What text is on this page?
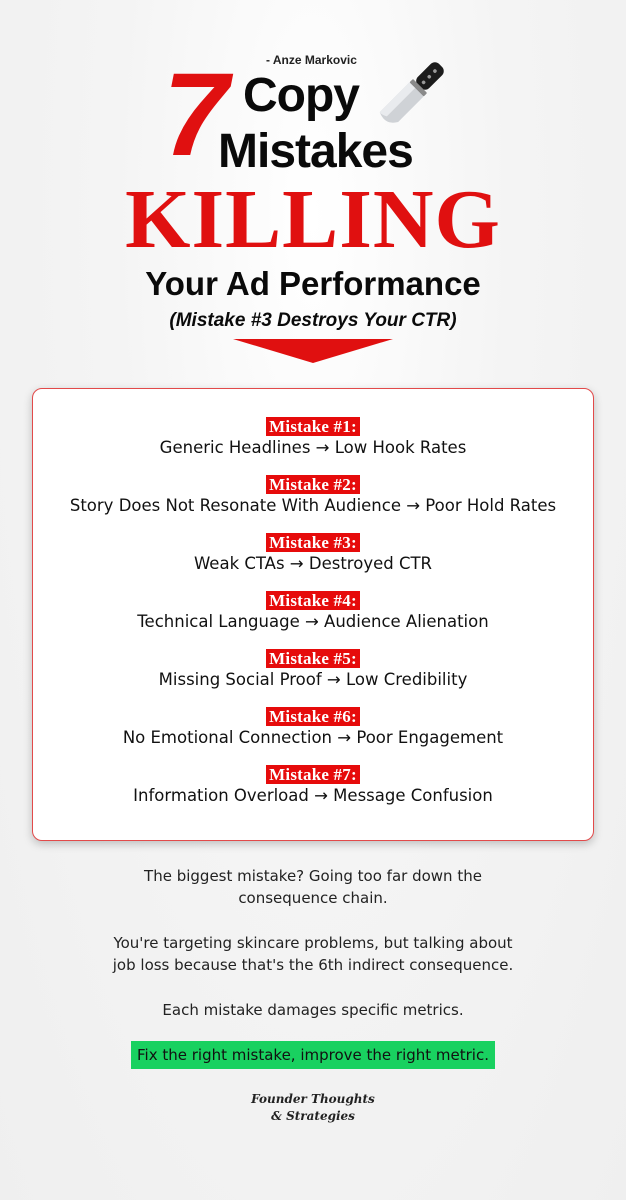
- Anze Markovic
7 Copy
Mistakes
KILLING
Your Ad Performance
(Mistake #3 Destroys Your CTR)
Mistake #1:
Generic Headlines → Low Hook Rates
Mistake #2:
Story Does Not Resonate With Audience → Poor Hold Rates
Mistake #3:
Weak CTAs → Destroyed CTR
Mistake #4:
Technical Language → Audience Alienation
Mistake #5:
Missing Social Proof → Low Credibility
Mistake #6:
No Emotional Connection → Poor Engagement
Mistake #7:
Information Overload → Message Confusion
The biggest mistake? Going too far down the
consequence chain.
You're targeting skincare problems, but talking about
job loss because that's the 6th indirect consequence.
Each mistake damages specific metrics.
Fix the right mistake, improve the right metric.
Founder Thoughts
& Strategies
